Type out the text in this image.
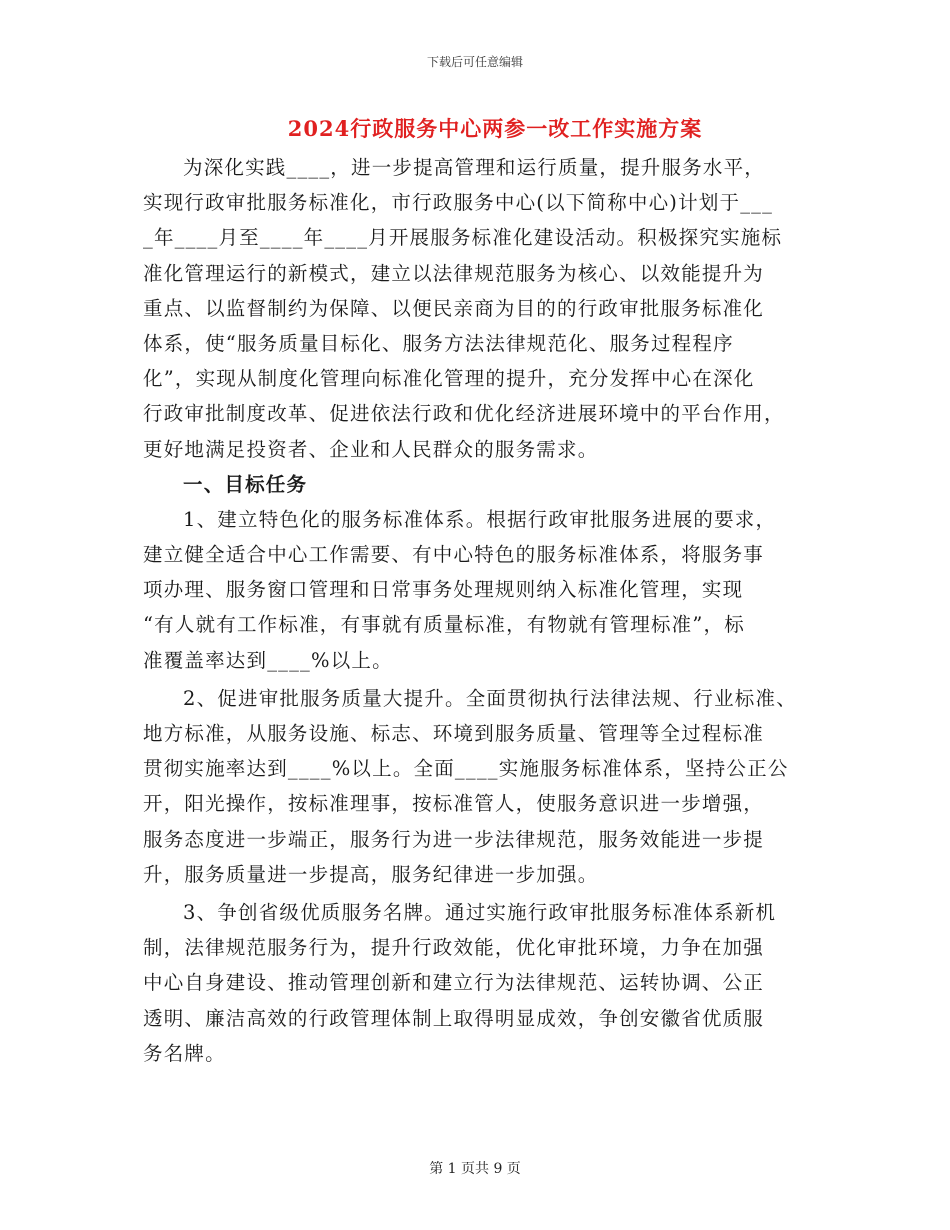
下载后可任意编辑
2024行政服务中心两参一改工作实施方案
为深化实践____，进一步提高管理和运行质量，提升服务水平，
实现行政审批服务标准化，市行政服务中心(以下简称中心)计划于___
_年____月至____年____月开展服务标准化建设活动。积极探究实施标
准化管理运行的新模式，建立以法律规范服务为核心、以效能提升为
重点、以监督制约为保障、以便民亲商为目的的行政审批服务标准化
体系，使“服务质量目标化、服务方法法律规范化、服务过程程序
化”，实现从制度化管理向标准化管理的提升，充分发挥中心在深化
行政审批制度改革、促进依法行政和优化经济进展环境中的平台作用，
更好地满足投资者、企业和人民群众的服务需求。
一、目标任务
1、建立特色化的服务标准体系。根据行政审批服务进展的要求，
建立健全适合中心工作需要、有中心特色的服务标准体系，将服务事
项办理、服务窗口管理和日常事务处理规则纳入标准化管理，实现
“有人就有工作标准，有事就有质量标准，有物就有管理标准”，标
准覆盖率达到____%以上。
2、促进审批服务质量大提升。全面贯彻执行法律法规、行业标准、
地方标准，从服务设施、标志、环境到服务质量、管理等全过程标准
贯彻实施率达到____%以上。全面____实施服务标准体系，坚持公正公
开，阳光操作，按标准理事，按标准管人，使服务意识进一步增强，
服务态度进一步端正，服务行为进一步法律规范，服务效能进一步提
升，服务质量进一步提高，服务纪律进一步加强。
3、争创省级优质服务名牌。通过实施行政审批服务标准体系新机
制，法律规范服务行为，提升行政效能，优化审批环境，力争在加强
中心自身建设、推动管理创新和建立行为法律规范、运转协调、公正
透明、廉洁高效的行政管理体制上取得明显成效，争创安徽省优质服
务名牌。
第 1 页共 9 页
